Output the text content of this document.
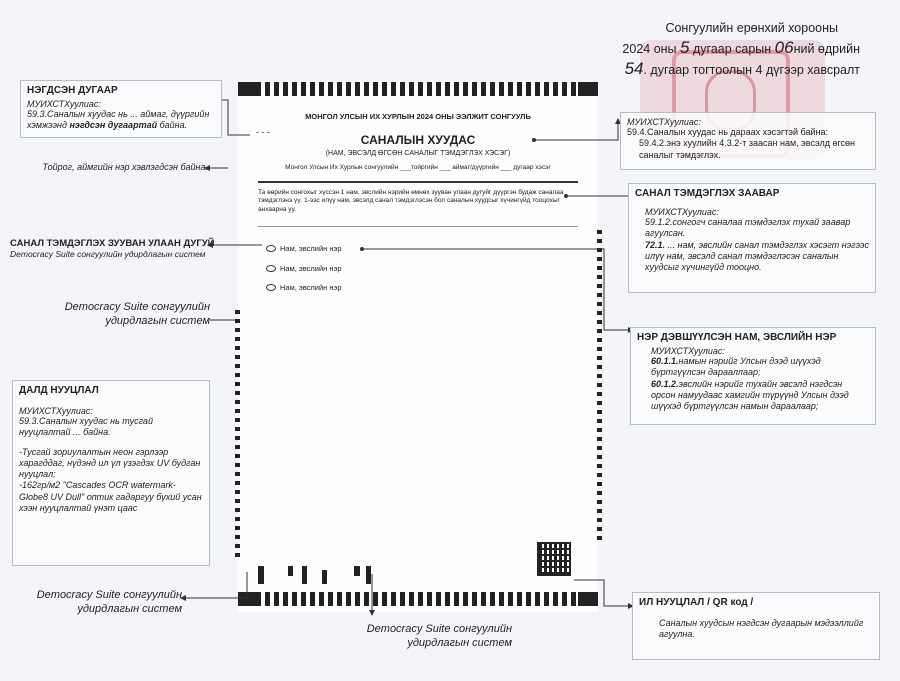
Сонгуулийн ерөнхий хорооны
2024 оны 5 дугаар сарын 06ний өдрийн
54. дугаар тогтоолын 4 дүгээр хавсралт
МОНГОЛ УЛСЫН ИХ ХУРЛЫН 2024 ОНЫ ЭЭЛЖИТ СОНГУУЛЬ
- - -
САНАЛЫН ХУУДАС
(НАМ, ЭВСЭЛД ӨГСӨН САНАЛЫГ ТЭМДЭГЛЭХ ХЭСЭГ)
Монгол Улсын Их Хурлын сонгуулийн ___тойргийн ___ аймаг/дүүргийн ___ дугаар хэсэг
Та өөрийн сонгохыг хүссэн 1 нам, эвслийн нэрийн өмнөх зууван улаан дугуйг дүүргэн будаж саналаа тэмдэглэнэ үү. 1-ээс илүү нам, эвсэлд санал тэмдэглэсэн бол саналын хуудсыг хүчингүйд тооцохыг анхаарна уу.
Нам, эвслийн нэр
Нам, эвслийн нэр
Нам, эвслийн нэр
НЭГДСЭН ДУГААР
МУИХСТХуулиас:
59.3.Саналын хуудас нь ... аймаг, дүүргийн хэмжээнд нэгдсэн дугаартай байна.
Тойрог, аймгийн нэр хэвлэгдсэн байна.
САНАЛ ТЭМДЭГЛЭХ ЗУУВАН УЛААН ДУГУЙ
Democracy Suite сонгуулийн удирдлагын систем
Democracy Suite сонгуулийн
удирдлагын систем
ДАЛД НУУЦЛАЛ
МУИХСТХуулиас:
59.3.Саналын хуудас нь тусгай нууцлалтай ... байна.
-Тусгай зориулалтын неон гэрлээр харагддаг, нүдэнд ил үл үзэгдэх UV будган нууцлал;
-162гр/м2 "Cascades OCR watermark-Globe8 UV Dull" оптик гадаргуу бүхий усан хээн нууцлалтай үнэт цаас
Democracy Suite сонгуулийн
удирдлагын систем
Democracy Suite сонгуулийн
удирдлагын систем
МУИХСТХуулиас:
59.4.Саналын хуудас нь дараах хэсэгтэй байна:
59.4.2.энэ хуулийн 4.3.2-т заасан нам, эвсэлд өгсөн саналыг тэмдэглэх.
САНАЛ ТЭМДЭГЛЭХ ЗААВАР
МУИХСТХуулиас:
59.1.2.сонгогч саналаа тэмдэглэх тухай заавар агуулсан.
72.1. ... нам, эвслийн санал тэмдэглэх хэсэгт нэгээс илүү нам, эвсэлд санал тэмдэглэсэн саналын хуудсыг хүчингүйд тооцно.
НЭР ДЭВШҮҮЛСЭН НАМ, ЭВСЛИЙН НЭР
МУИХСТХуулиас:
60.1.1.намын нэрийг Улсын дээд шүүхэд бүртгүүлсэн дарааллаар;
60.1.2.эвслийн нэрийг тухайн эвсэлд нэгдсэн орсон намуудаас хамгийн түрүүнд Улсын дээд шүүхэд бүртгүүлсэн намын дараалаар;
ИЛ НУУЦЛАЛ / QR код /
Саналын хуудсын нэгдсэн дугаарын мэдээллийг агуулна.
